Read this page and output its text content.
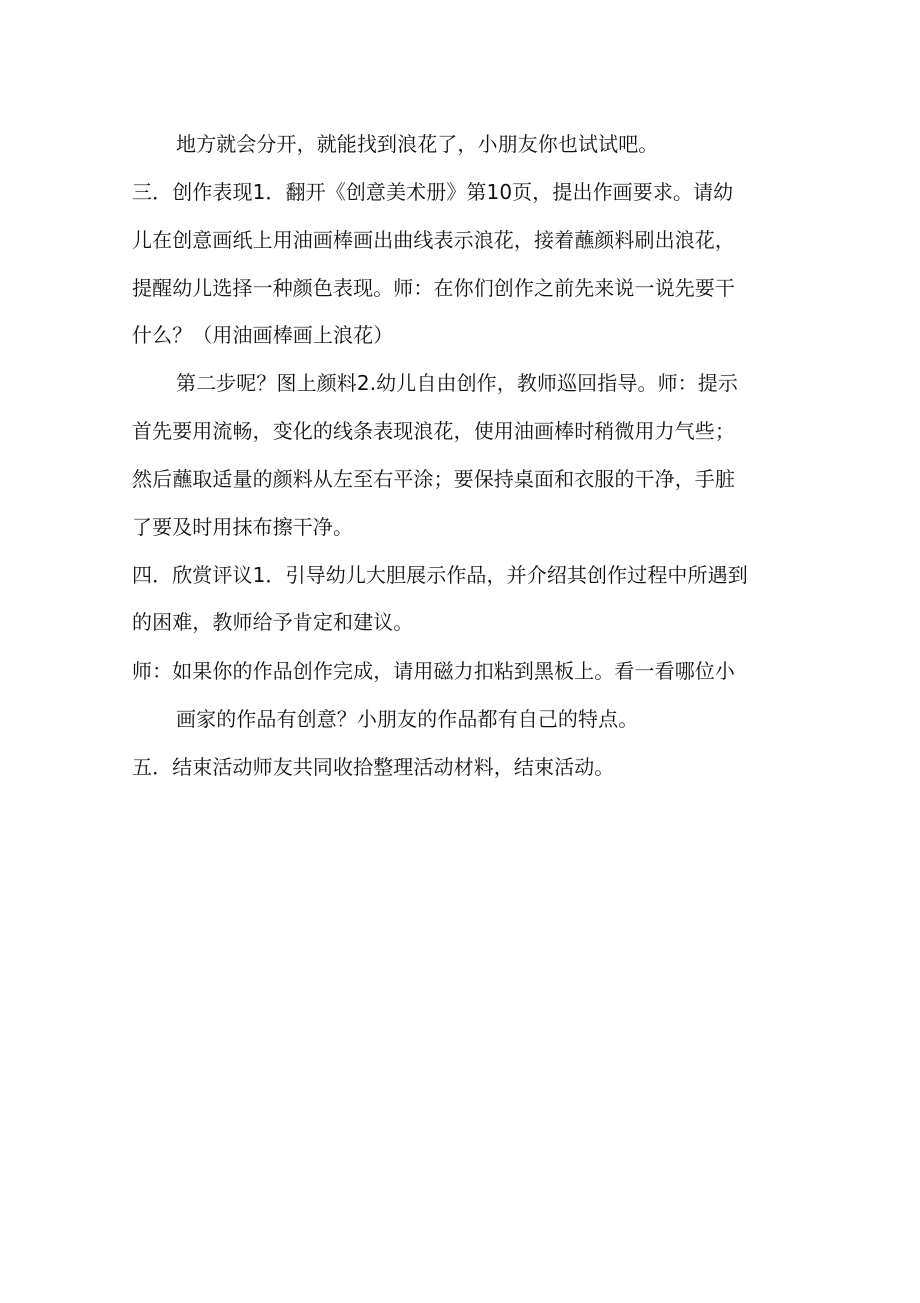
地方就会分开，就能找到浪花了，小朋友你也试试吧。
三．创作表现1．翻开《创意美术册》第10页，提出作画要求。请幼
儿在创意画纸上用油画棒画出曲线表示浪花，接着蘸颜料刷出浪花，
提醒幼儿选择一种颜色表现。师：在你们创作之前先来说一说先要干
什么？（用油画棒画上浪花）
第二步呢？图上颜料2.幼儿自由创作，教师巡回指导。师：提示
首先要用流畅，变化的线条表现浪花，使用油画棒时稍微用力气些；
然后蘸取适量的颜料从左至右平涂；要保持桌面和衣服的干净，手脏
了要及时用抹布擦干净。
四．欣赏评议1．引导幼儿大胆展示作品，并介绍其创作过程中所遇到
的困难，教师给予肯定和建议。
师：如果你的作品创作完成，请用磁力扣粘到黑板上。看一看哪位小
画家的作品有创意？小朋友的作品都有自己的特点。
五．结束活动师友共同收拾整理活动材料，结束活动。
